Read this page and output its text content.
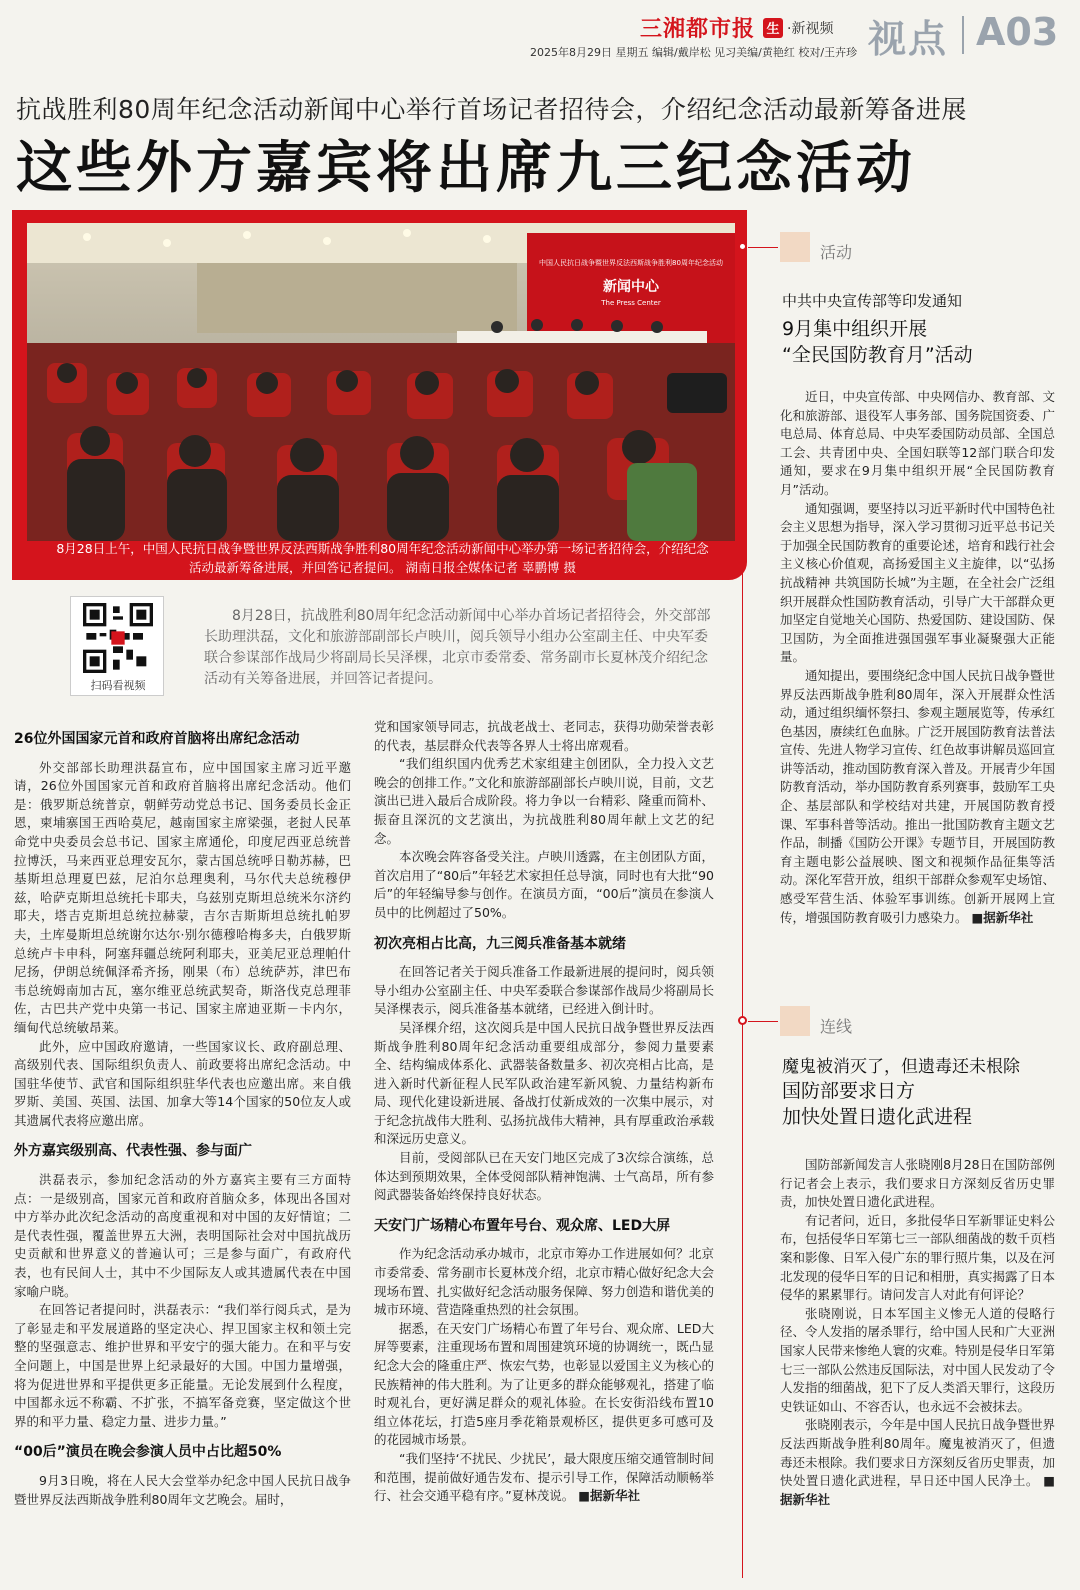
三湘都市报 生 ·新视频 视点 A03
2025年8月29日 星期五 编辑/戴岸松 见习美编/黄艳红 校对/王卉珍
抗战胜利80周年纪念活动新闻中心举行首场记者招待会，介绍纪念活动最新筹备进展
这些外方嘉宾将出席九三纪念活动
中国人民抗日战争暨世界反法西斯战争胜利80周年纪念活动
新闻中心
The Press Center
8月28日上午，中国人民抗日战争暨世界反法西斯战争胜利80周年纪念活动新闻中心举办第一场记者招待会，介绍纪念活动最新筹备进展，并回答记者提问。 湖南日报全媒体记者 辜鹏博 摄
扫码看视频
8月28日，抗战胜利80周年纪念活动新闻中心举办首场记者招待会，外交部部长助理洪磊，文化和旅游部副部长卢映川，阅兵领导小组办公室副主任、中央军委联合参谋部作战局少将副局长吴泽棵，北京市委常委、常务副市长夏林茂介绍纪念活动有关筹备进展，并回答记者提问。
26位外国国家元首和政府首脑将出席纪念活动

外交部部长助理洪磊宣布，应中国国家主席习近平邀请，26位外国国家元首和政府首脑将出席纪念活动。他们是：俄罗斯总统普京，朝鲜劳动党总书记、国务委员长金正恩，柬埔寨国王西哈莫尼，越南国家主席梁强，老挝人民革命党中央委员会总书记、国家主席通伦，印度尼西亚总统普拉博沃，马来西亚总理安瓦尔，蒙古国总统呼日勒苏赫，巴基斯坦总理夏巴兹，尼泊尔总理奥利，马尔代夫总统穆伊兹，哈萨克斯坦总统托卡耶夫，乌兹别克斯坦总统米尔济约耶夫，塔吉克斯坦总统拉赫蒙，吉尔吉斯斯坦总统扎帕罗夫，土库曼斯坦总统谢尔达尔·别尔德穆哈梅多夫，白俄罗斯总统卢卡申科，阿塞拜疆总统阿利耶夫，亚美尼亚总理帕什尼扬，伊朗总统佩泽希齐扬，刚果（布）总统萨苏，津巴布韦总统姆南加古瓦，塞尔维亚总统武契奇，斯洛伐克总理菲佐，古巴共产党中央第一书记、国家主席迪亚斯－卡内尔，缅甸代总统敏昂莱。

此外，应中国政府邀请，一些国家议长、政府副总理、高级别代表、国际组织负责人、前政要将出席纪念活动。中国驻华使节、武官和国际组织驻华代表也应邀出席。来自俄罗斯、美国、英国、法国、加拿大等14个国家的50位友人或其遗属代表将应邀出席。

外方嘉宾级别高、代表性强、参与面广

洪磊表示，参加纪念活动的外方嘉宾主要有三方面特点：一是级别高，国家元首和政府首脑众多，体现出各国对中方举办此次纪念活动的高度重视和对中国的友好情谊；二是代表性强，覆盖世界五大洲，表明国际社会对中国抗战历史贡献和世界意义的普遍认可；三是参与面广，有政府代表，也有民间人士，其中不少国际友人或其遗属代表在中国家喻户晓。

在回答记者提问时，洪磊表示：“我们举行阅兵式，是为了彰显走和平发展道路的坚定决心、捍卫国家主权和领土完整的坚强意志、维护世界和平安宁的强大能力。在和平与安全问题上，中国是世界上纪录最好的大国。中国力量增强，将为促进世界和平提供更多正能量。无论发展到什么程度，中国都永远不称霸、不扩张，不搞军备竞赛，坚定做这个世界的和平力量、稳定力量、进步力量。”

“00后”演员在晚会参演人员中占比超50%

9月3日晚，将在人民大会堂举办纪念中国人民抗日战争暨世界反法西斯战争胜利80周年文艺晚会。届时，

党和国家领导同志，抗战老战士、老同志，获得功勋荣誉表彰的代表，基层群众代表等各界人士将出席观看。

“我们组织国内优秀艺术家组建主创团队，全力投入文艺晚会的创排工作。”文化和旅游部副部长卢映川说，目前，文艺演出已进入最后合成阶段。将力争以一台精彩、隆重而简朴、振奋且深沉的文艺演出，为抗战胜利80周年献上文艺的纪念。

本次晚会阵容备受关注。卢映川透露，在主创团队方面，首次启用了“80后”年轻艺术家担任总导演，同时也有大批“90后”的年轻编导参与创作。在演员方面，“00后”演员在参演人员中的比例超过了50%。

初次亮相占比高，九三阅兵准备基本就绪

在回答记者关于阅兵准备工作最新进展的提问时，阅兵领导小组办公室副主任、中央军委联合参谋部作战局少将副局长吴泽棵表示，阅兵准备基本就绪，已经进入倒计时。

吴泽棵介绍，这次阅兵是中国人民抗日战争暨世界反法西斯战争胜利80周年纪念活动重要组成部分，参阅力量要素全、结构编成体系化、武器装备数量多、初次亮相占比高，是进入新时代新征程人民军队政治建军新风貌、力量结构新布局、现代化建设新进展、备战打仗新成效的一次集中展示，对于纪念抗战伟大胜利、弘扬抗战伟大精神，具有厚重政治承载和深远历史意义。

目前，受阅部队已在天安门地区完成了3次综合演练，总体达到预期效果，全体受阅部队精神饱满、士气高昂，所有参阅武器装备始终保持良好状态。

天安门广场精心布置年号台、观众席、LED大屏

作为纪念活动承办城市，北京市筹办工作进展如何？北京市委常委、常务副市长夏林茂介绍，北京市精心做好纪念大会现场布置、扎实做好纪念活动服务保障、努力创造和谐优美的城市环境、营造隆重热烈的社会氛围。

据悉，在天安门广场精心布置了年号台、观众席、LED大屏等要素，注重现场布置和周围建筑环境的协调统一，既凸显纪念大会的隆重庄严、恢宏气势，也彰显以爱国主义为核心的民族精神的伟大胜利。为了让更多的群众能够观礼，搭建了临时观礼台，更好满足群众的观礼体验。在长安街沿线布置10组立体花坛，打造5座月季花箱景观桥区，提供更多可感可及的花园城市场景。

“我们坚持‘不扰民、少扰民’，最大限度压缩交通管制时间和范围，提前做好通告发布、提示引导工作，保障活动顺畅举行、社会交通平稳有序。”夏林茂说。 ■据新华社

活动
中共中央宣传部等印发通知
9月集中组织开展
“全民国防教育月”活动

近日，中央宣传部、中央网信办、教育部、文化和旅游部、退役军人事务部、国务院国资委、广电总局、体育总局、中央军委国防动员部、全国总工会、共青团中央、全国妇联等12部门联合印发通知，要求在9月集中组织开展“全民国防教育月”活动。

通知强调，要坚持以习近平新时代中国特色社会主义思想为指导，深入学习贯彻习近平总书记关于加强全民国防教育的重要论述，培育和践行社会主义核心价值观，高扬爱国主义主旋律，以“弘扬抗战精神 共筑国防长城”为主题，在全社会广泛组织开展群众性国防教育活动，引导广大干部群众更加坚定自觉地关心国防、热爱国防、建设国防、保卫国防，为全面推进强国强军事业凝聚强大正能量。

通知提出，要围绕纪念中国人民抗日战争暨世界反法西斯战争胜利80周年，深入开展群众性活动，通过组织缅怀祭扫、参观主题展览等，传承红色基因，赓续红色血脉。广泛开展国防教育法普法宣传、先进人物学习宣传、红色故事讲解员巡回宣讲等活动，推动国防教育深入普及。开展青少年国防教育活动，举办国防教育系列赛事，鼓励军工央企、基层部队和学校结对共建，开展国防教育授课、军事科普等活动。推出一批国防教育主题文艺作品，制播《国防公开课》专题节目，开展国防教育主题电影公益展映、图文和视频作品征集等活动。深化军营开放，组织干部群众参观军史场馆、感受军营生活、体验军事训练。创新开展网上宣传，增强国防教育吸引力感染力。 ■据新华社

连线
魔鬼被消灭了，但遗毒还未根除
国防部要求日方
加快处置日遗化武进程

国防部新闻发言人张晓刚8月28日在国防部例行记者会上表示，我们要求日方深刻反省历史罪责，加快处置日遗化武进程。

有记者问，近日，多批侵华日军新罪证史料公布，包括侵华日军第七三一部队细菌战的数千页档案和影像、日军入侵广东的罪行照片集，以及在河北发现的侵华日军的日记和相册，真实揭露了日本侵华的累累罪行。请问发言人对此有何评论？

张晓刚说，日本军国主义惨无人道的侵略行径、令人发指的屠杀罪行，给中国人民和广大亚洲国家人民带来惨绝人寰的灾难。特别是侵华日军第七三一部队公然违反国际法，对中国人民发动了令人发指的细菌战，犯下了反人类滔天罪行，这段历史铁证如山、不容否认，也永远不会被抹去。

张晓刚表示，今年是中国人民抗日战争暨世界反法西斯战争胜利80周年。魔鬼被消灭了，但遗毒还未根除。我们要求日方深刻反省历史罪责，加快处置日遗化武进程，早日还中国人民净土。 ■据新华社
